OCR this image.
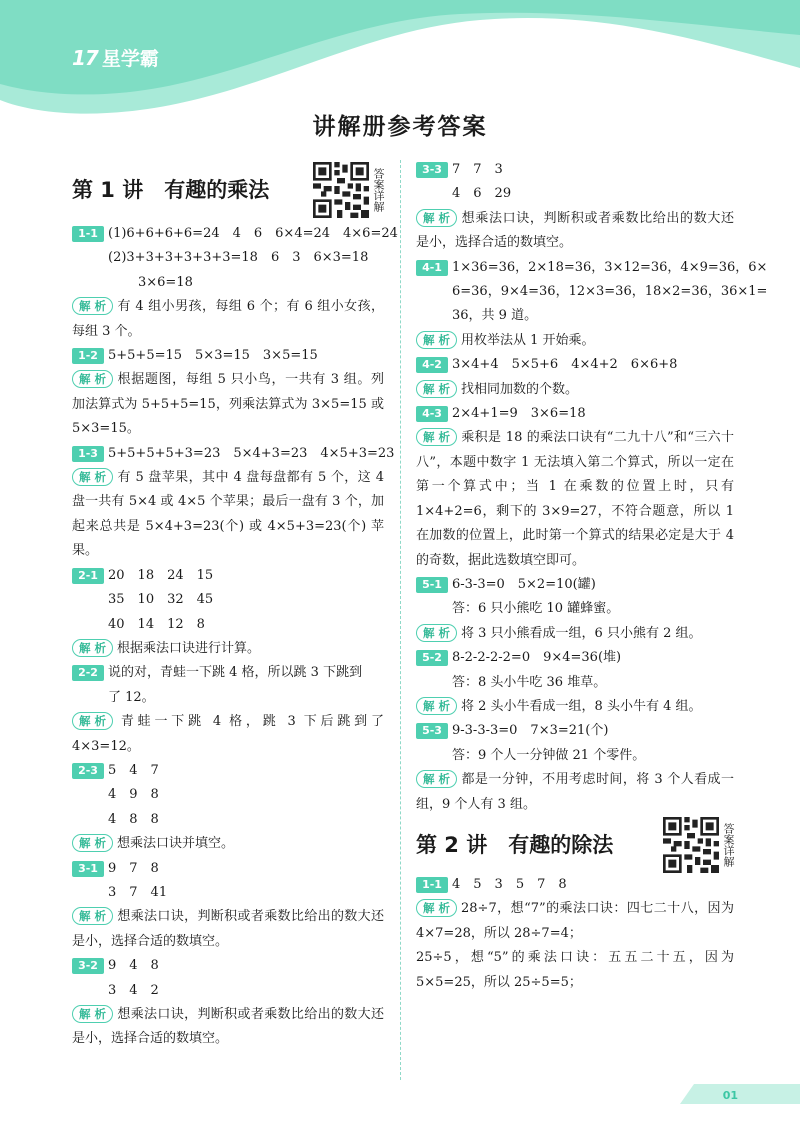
17 星学霸
讲解册参考答案
第 1 讲　有趣的乘法	答案详解
1-1 (1)6+6+6+6=24　4　6　6×4=24　4×6=24
(2)3+3+3+3+3+3=18　6　3　6×3=18
3×6=18
解 析 有 4 组小男孩，每组 6 个；有 6 组小女孩，每组 3 个。
1-2 5+5+5=15　5×3=15　3×5=15
解 析 根据题图，每组 5 只小鸟，一共有 3 组。列加法算式为 5+5+5=15，列乘法算式为 3×5=15 或 5×3=15。
1-3 5+5+5+5+3=23　5×4+3=23　4×5+3=23
解 析 有 5 盘苹果，其中 4 盘每盘都有 5 个，这 4 盘一共有 5×4 或 4×5 个苹果；最后一盘有 3 个，加起来总共是 5×4+3=23(个) 或 4×5+3=23(个) 苹果。
2-1 20　18　24　15
35　10　32　45
40　14　12　8
解 析 根据乘法口诀进行计算。
2-2 说的对，青蛙一下跳 4 格，所以跳 3 下跳到
了 12。
解 析 青蛙一下跳 4 格，跳 3 下后跳到了 4×3=12。
2-3 5　4　7
4　9　8
4　8　8
解 析 想乘法口诀并填空。
3-1 9　7　8
3　7　41
解 析 想乘法口诀，判断积或者乘数比给出的数大还是小，选择合适的数填空。
3-2 9　4　8
3　4　2
解 析 想乘法口诀，判断积或者乘数比给出的数大还是小，选择合适的数填空。
3-3 7　7　3
4　6　29
解 析 想乘法口诀，判断积或者乘数比给出的数大还是小，选择合适的数填空。
4-1 1×36=36，2×18=36，3×12=36，4×9=36，6×
6=36，9×4=36，12×3=36，18×2=36，36×1=
36，共 9 道。
解 析 用枚举法从 1 开始乘。
4-2 3×4+4　5×5+6　4×4+2　6×6+8
解 析 找相同加数的个数。
4-3 2×4+1=9　3×6=18
解 析 乘积是 18 的乘法口诀有“二九十八”和“三六十八”，本题中数字 1 无法填入第二个算式，所以一定在第一个算式中；当 1 在乘数的位置上时，只有 1×4+2=6，剩下的 3×9=27，不符合题意，所以 1 在加数的位置上，此时第一个算式的结果必定是大于 4 的奇数，据此选数填空即可。
5-1 6-3-3=0　5×2=10(罐)
答：6 只小熊吃 10 罐蜂蜜。
解 析 将 3 只小熊看成一组，6 只小熊有 2 组。
5-2 8-2-2-2-2=0　9×4=36(堆)
答：8 头小牛吃 36 堆草。
解 析 将 2 头小牛看成一组，8 头小牛有 4 组。
5-3 9-3-3-3=0　7×3=21(个)
答：9 个人一分钟做 21 个零件。
解 析 都是一分钟，不用考虑时间，将 3 个人看成一组，9 个人有 3 组。
第 2 讲　有趣的除法	答案详解
1-1 4　5　3　5　7　8
解 析 28÷7，想“7”的乘法口诀：四七二十八，因为 4×7=28，所以 28÷7=4；
25÷5，想“5”的乘法口诀：五五二十五，因为 5×5=25，所以 25÷5=5；
01
